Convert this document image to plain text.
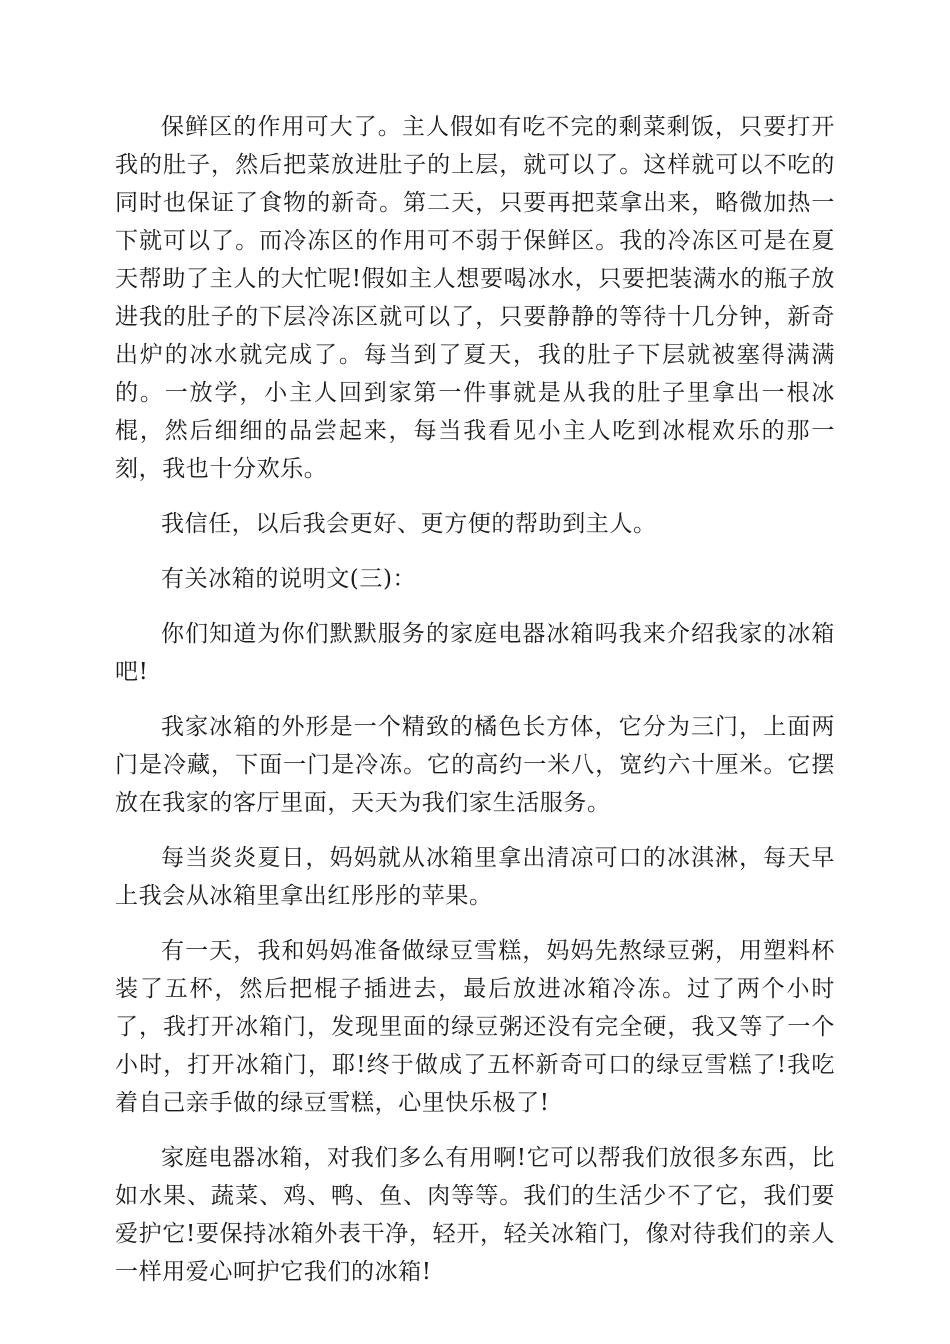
保鲜区的作用可大了。主人假如有吃不完的剩菜剩饭，只要打开我的肚子，然后把菜放进肚子的上层，就可以了。这样就可以不吃的同时也保证了食物的新奇。第二天，只要再把菜拿出来，略微加热一下就可以了。而冷冻区的作用可不弱于保鲜区。我的冷冻区可是在夏天帮助了主人的大忙呢!假如主人想要喝冰水，只要把装满水的瓶子放进我的肚子的下层冷冻区就可以了，只要静静的等待十几分钟，新奇出炉的冰水就完成了。每当到了夏天，我的肚子下层就被塞得满满的。一放学，小主人回到家第一件事就是从我的肚子里拿出一根冰棍，然后细细的品尝起来，每当我看见小主人吃到冰棍欢乐的那一刻，我也十分欢乐。

我信任，以后我会更好、更方便的帮助到主人。

有关冰箱的说明文(三)：

你们知道为你们默默服务的家庭电器冰箱吗我来介绍我家的冰箱吧!

我家冰箱的外形是一个精致的橘色长方体，它分为三门，上面两门是冷藏，下面一门是冷冻。它的高约一米八，宽约六十厘米。它摆放在我家的客厅里面，天天为我们家生活服务。

每当炎炎夏日，妈妈就从冰箱里拿出清凉可口的冰淇淋，每天早上我会从冰箱里拿出红彤彤的苹果。

有一天，我和妈妈准备做绿豆雪糕，妈妈先熬绿豆粥，用塑料杯装了五杯，然后把棍子插进去，最后放进冰箱冷冻。过了两个小时了，我打开冰箱门，发现里面的绿豆粥还没有完全硬，我又等了一个小时，打开冰箱门，耶!终于做成了五杯新奇可口的绿豆雪糕了!我吃着自己亲手做的绿豆雪糕，心里快乐极了!

家庭电器冰箱，对我们多么有用啊!它可以帮我们放很多东西，比如水果、蔬菜、鸡、鸭、鱼、肉等等。我们的生活少不了它，我们要爱护它!要保持冰箱外表干净，轻开，轻关冰箱门，像对待我们的亲人一样用爱心呵护它我们的冰箱!
